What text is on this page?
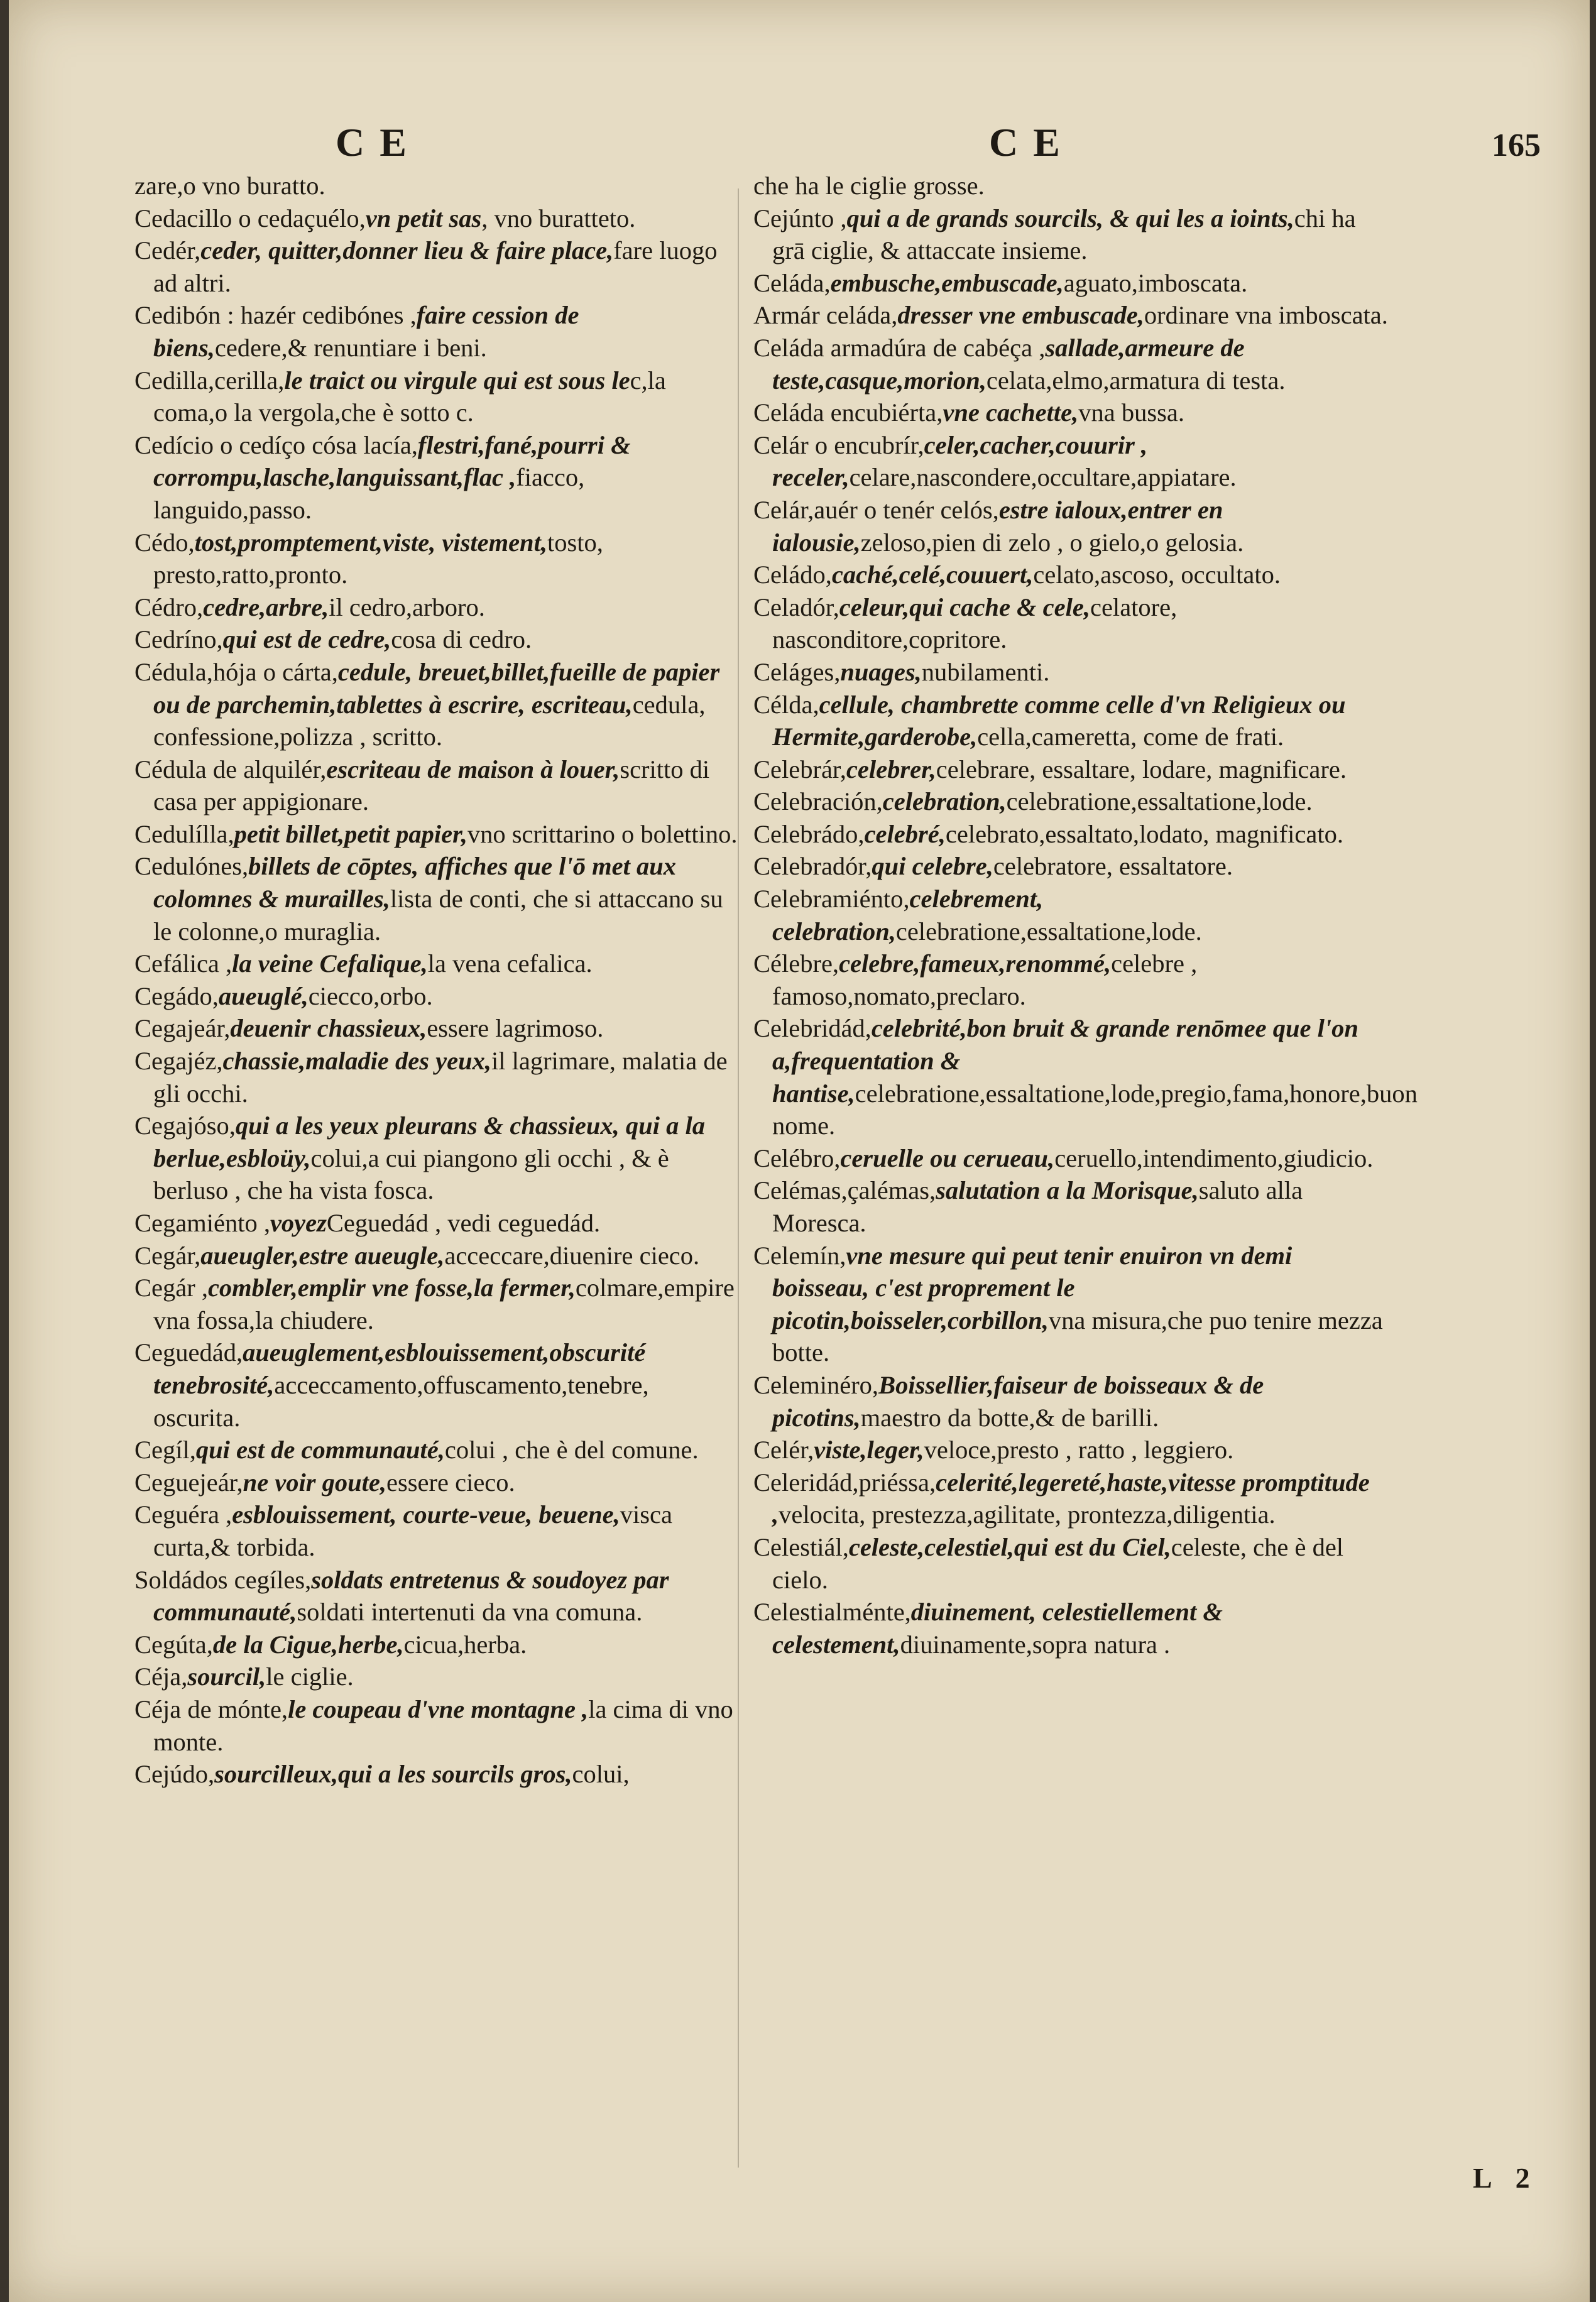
CE	CE	165

zare,o vno buratto.

Cedacillo o cedaçuélo,vn petit sas, vno buratteto.

Cedér,ceder, quitter,donner lieu & faire place,fare luogo ad altri.

Cedibón : hazér cedibónes ,faire cession de biens,cedere,& renuntiare i beni.

Cedilla,cerilla,le traict ou virgule qui est sous lec,la coma,o la vergola,che è sotto c.

Cedício o cedíço cósa lacía,flestri,fané,pourri & corrompu,lasche,languissant,flac ,fiacco, languido,passo.

Cédo,tost,promptement,viste, vistement,tosto, presto,ratto,pronto.

Cédro,cedre,arbre,il cedro,arboro.

Cedríno,qui est de cedre,cosa di cedro.

Cédula,hója o cárta,cedule, breuet,billet,fueille de papier ou de parchemin,tablettes à escrire, escriteau,cedula, confessione,polizza , scritto.

Cédula de alquilér,escriteau de maison à louer,scritto di casa per appigionare.

Cedulílla,petit billet,petit papier,vno scrittarino o bolettino.

Cedulónes,billets de cōptes, affiches que l'ō met aux colomnes & murailles,lista de conti, che si attaccano su le colonne,o muraglia.

Cefálica ,la veine Cefalique,la vena cefalica.

Cegádo,aueuglé,ciecco,orbo.

Cegajeár,deuenir chassieux,essere lagrimoso.

Cegajéz,chassie,maladie des yeux,il lagrimare, malatia de gli occhi.

Cegajóso,qui a les yeux pleurans & chassieux, qui a la berlue,esbloüy,colui,a cui piangono gli occhi , & è berluso , che ha vista fosca.

Cegamiénto ,voyezCeguedád , vedi ceguedád.

Cegár,aueugler,estre aueugle,acceccare,diuenire cieco.

Cegár ,combler,emplir vne fosse,la fermer,colmare,empire vna fossa,la chiudere.

Ceguedád,aueuglement,esblouissement,obscurité tenebrosité,acceccamento,offuscamento,tenebre, oscurita.

Cegíl,qui est de communauté,colui , che è del comune.

Ceguejeár,ne voir goute,essere cieco.

Ceguéra ,esblouissement, courte-veue, beuene,visca curta,& torbida.

Soldádos cegíles,soldats entretenus & soudoyez par communauté,soldati intertenuti da vna comuna.

Cegúta,de la Cigue,herbe,cicua,herba.

Céja,sourcil,le ciglie.

Céja de mónte,le coupeau d'vne montagne ,la cima di vno monte.

Cejúdo,sourcilleux,qui a les sourcils gros,colui,

che ha le ciglie grosse.

Cejúnto ,qui a de grands sourcils, & qui les a ioints,chi ha grā ciglie, & attaccate insieme.

Celáda,embusche,embuscade,aguato,imboscata.

Armár celáda,dresser vne embuscade,ordinare vna imboscata.

Celáda armadúra de cabéça ,sallade,armeure de teste,casque,morion,celata,elmo,armatura di testa.

Celáda encubiérta,vne cachette,vna bussa.

Celár o encubrír,celer,cacher,couurir , receler,celare,nascondere,occultare,appiatare.

Celár,auér o tenér celós,estre ialoux,entrer en ialousie,zeloso,pien di zelo , o gielo,o gelosia.

Celádo,caché,celé,couuert,celato,ascoso, occultato.

Celadór,celeur,qui cache & cele,celatore, nasconditore,copritore.

Celáges,nuages,nubilamenti.

Célda,cellule, chambrette comme celle d'vn Religieux ou Hermite,garderobe,cella,cameretta, come de frati.

Celebrár,celebrer,celebrare, essaltare, lodare, magnificare.

Celebración,celebration,celebratione,essaltatione,lode.

Celebrádo,celebré,celebrato,essaltato,lodato, magnificato.

Celebradór,qui celebre,celebratore, essaltatore.

Celebramiénto,celebrement, celebration,celebratione,essaltatione,lode.

Célebre,celebre,fameux,renommé,celebre , famoso,nomato,preclaro.

Celebridád,celebrité,bon bruit & grande renōmee que l'on a,frequentation & hantise,celebratione,essaltatione,lode,pregio,fama,honore,buon nome.

Celébro,ceruelle ou cerueau,ceruello,intendimento,giudicio.

Celémas,çalémas,salutation a la Morisque,saluto alla Moresca.

Celemín,vne mesure qui peut tenir enuiron vn demi boisseau, c'est proprement le picotin,boisseler,corbillon,vna misura,che puo tenire mezza botte.

Celeminéro,Boissellier,faiseur de boisseaux & de picotins,maestro da botte,& de barilli.

Celér,viste,leger,veloce,presto , ratto , leggiero.

Celeridád,priéssa,celerité,legereté,haste,vitesse promptitude ,velocita, prestezza,agilitate, prontezza,diligentia.

Celestiál,celeste,celestiel,qui est du Ciel,celeste, che è del cielo.

Celestialménte,diuinement, celestiellement & celestement,diuinamente,sopra natura .

L 2
